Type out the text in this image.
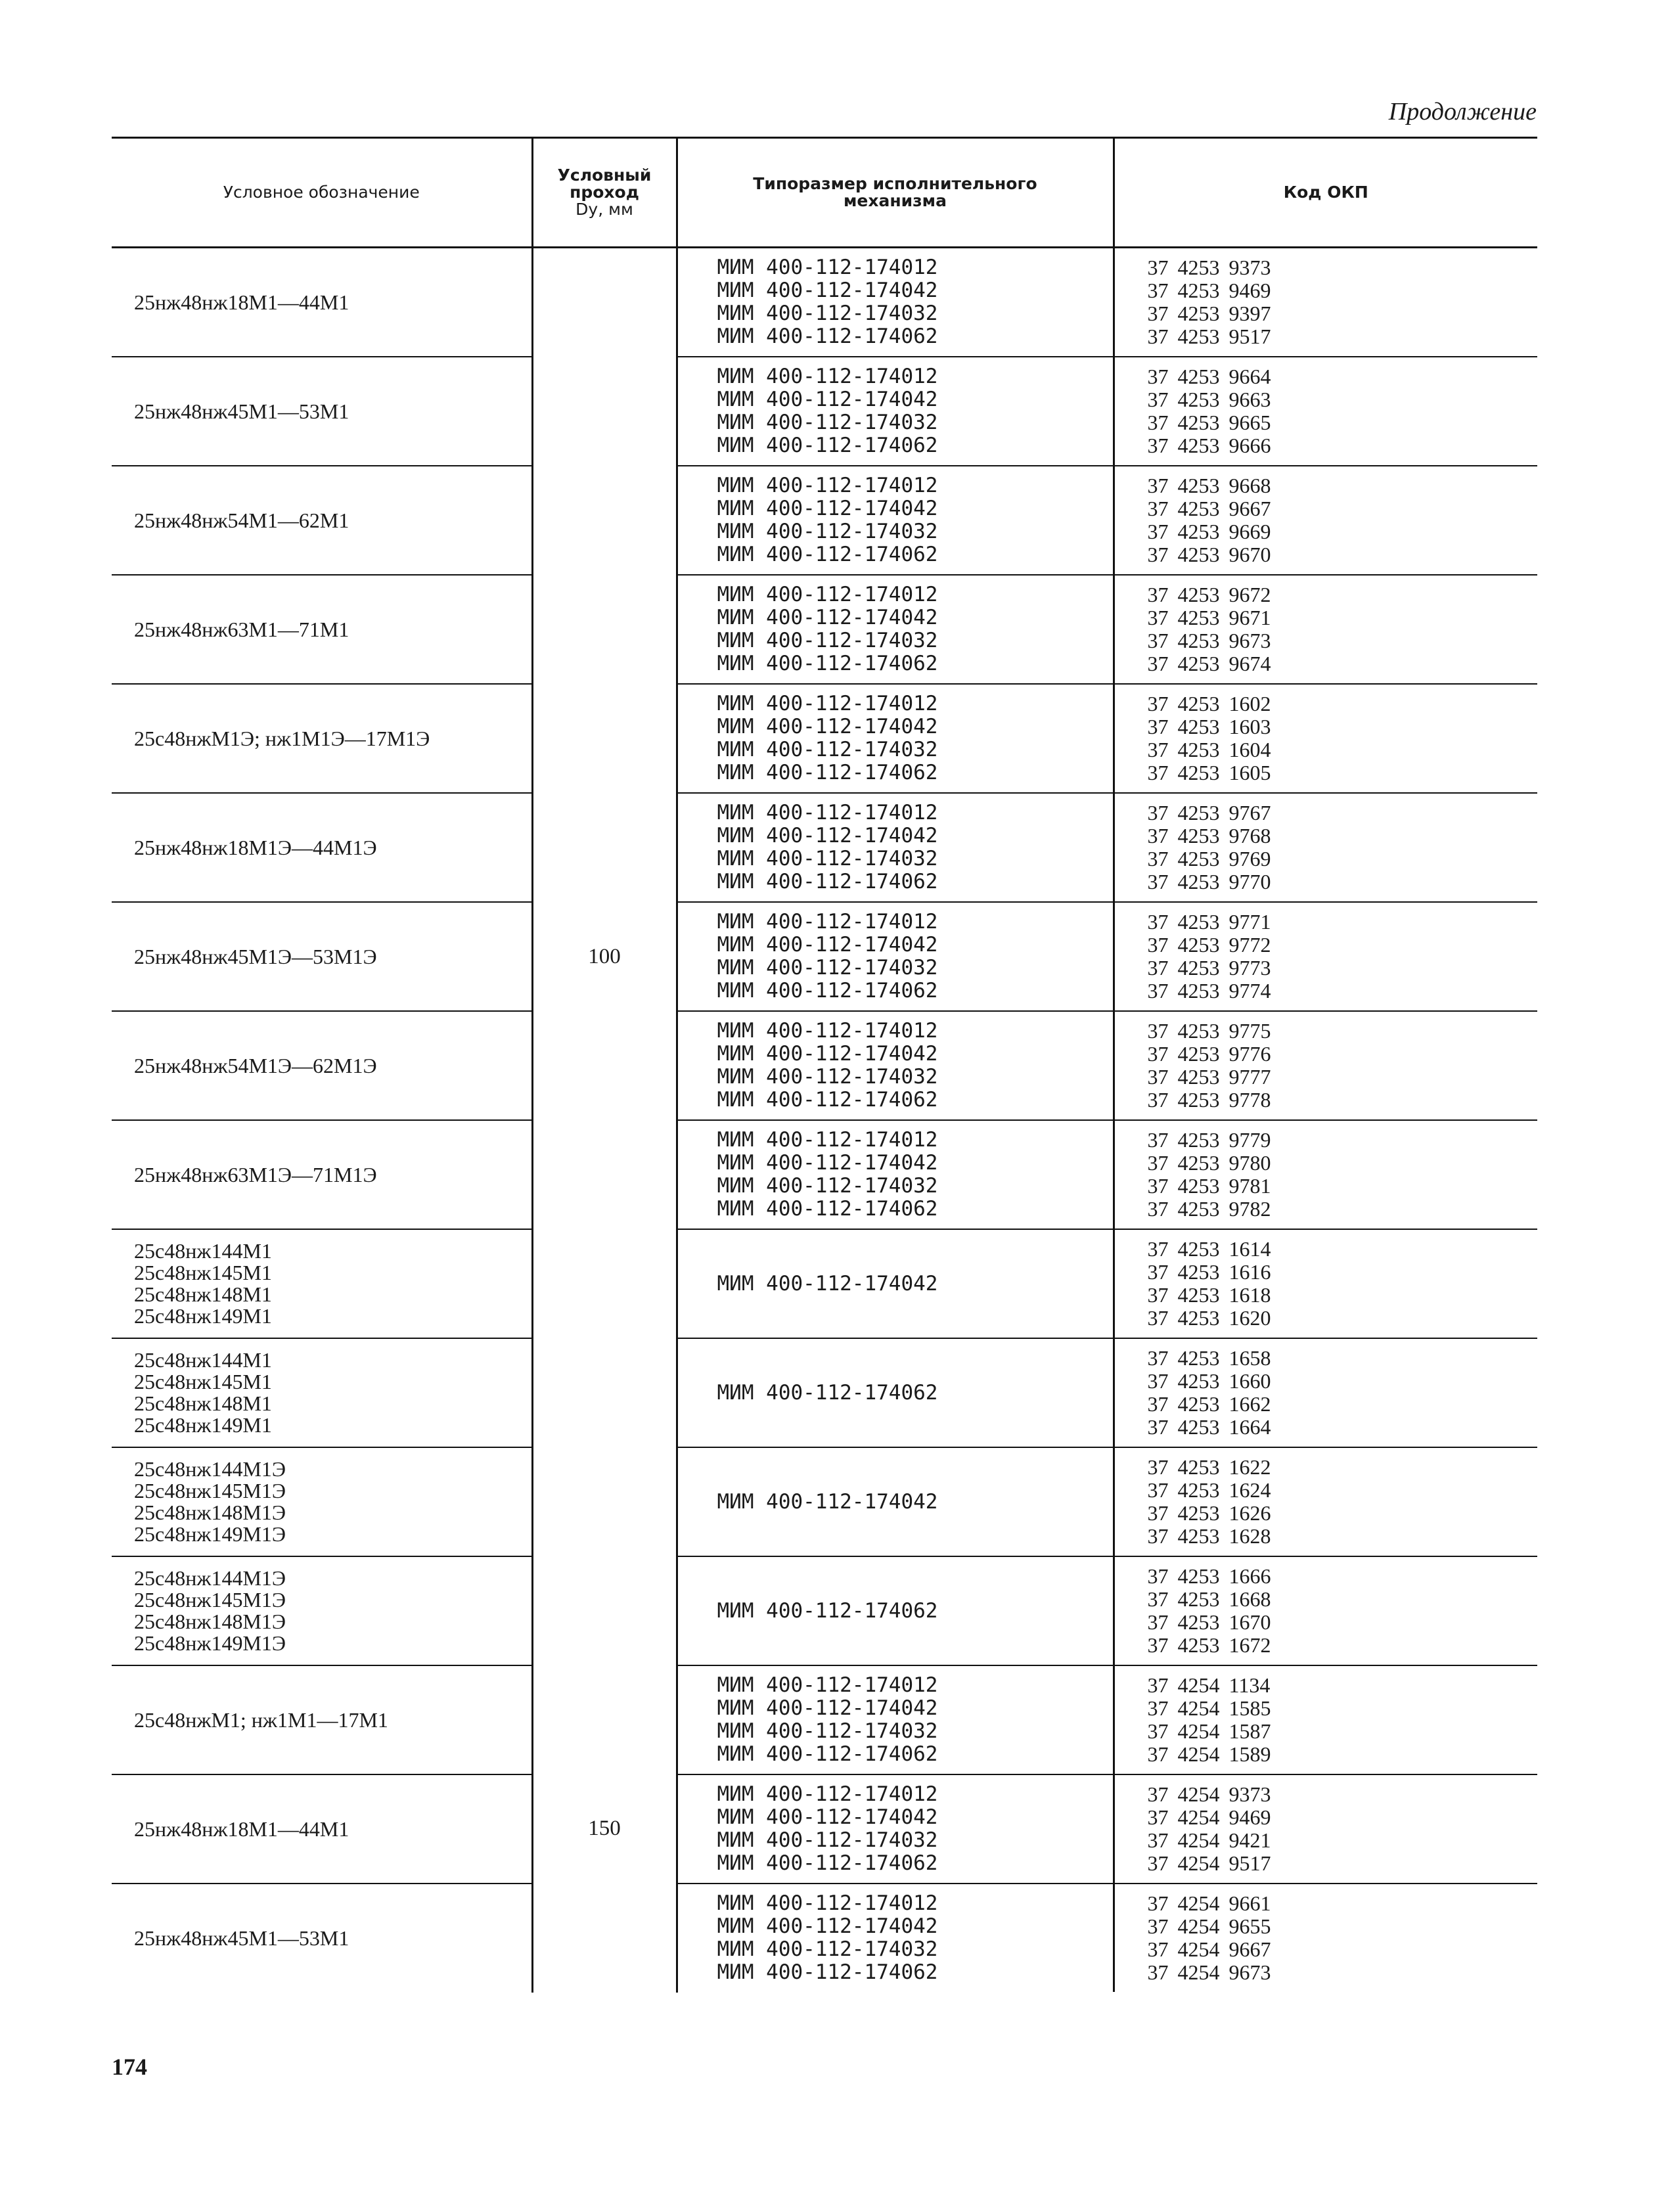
Продолжение
Условное обозначение	Условный
проход
Dу, мм	Типоразмер исполнительного
механизма	Код ОКП

25нж48нж18М1—44М1	100	МИМ 400-112-174012
МИМ 400-112-174042
МИМ 400-112-174032
МИМ 400-112-174062	37 4253 9373
37 4253 9469
37 4253 9397
37 4253 9517

25нж48нж45М1—53М1		МИМ 400-112-174012
МИМ 400-112-174042
МИМ 400-112-174032
МИМ 400-112-174062	37 4253 9664
37 4253 9663
37 4253 9665
37 4253 9666

25нж48нж54М1—62М1		МИМ 400-112-174012
МИМ 400-112-174042
МИМ 400-112-174032
МИМ 400-112-174062	37 4253 9668
37 4253 9667
37 4253 9669
37 4253 9670

25нж48нж63М1—71М1		МИМ 400-112-174012
МИМ 400-112-174042
МИМ 400-112-174032
МИМ 400-112-174062	37 4253 9672
37 4253 9671
37 4253 9673
37 4253 9674

25с48нжМ1Э; нж1М1Э—17М1Э		МИМ 400-112-174012
МИМ 400-112-174042
МИМ 400-112-174032
МИМ 400-112-174062	37 4253 1602
37 4253 1603
37 4253 1604
37 4253 1605

25нж48нж18М1Э—44М1Э		МИМ 400-112-174012
МИМ 400-112-174042
МИМ 400-112-174032
МИМ 400-112-174062	37 4253 9767
37 4253 9768
37 4253 9769
37 4253 9770

25нж48нж45М1Э—53М1Э		МИМ 400-112-174012
МИМ 400-112-174042
МИМ 400-112-174032
МИМ 400-112-174062	37 4253 9771
37 4253 9772
37 4253 9773
37 4253 9774

25нж48нж54М1Э—62М1Э		МИМ 400-112-174012
МИМ 400-112-174042
МИМ 400-112-174032
МИМ 400-112-174062	37 4253 9775
37 4253 9776
37 4253 9777
37 4253 9778

25нж48нж63М1Э—71М1Э		МИМ 400-112-174012
МИМ 400-112-174042
МИМ 400-112-174032
МИМ 400-112-174062	37 4253 9779
37 4253 9780
37 4253 9781
37 4253 9782

25с48нж144М1
25с48нж145М1
25с48нж148М1
25с48нж149М1		МИМ 400-112-174042	37 4253 1614
37 4253 1616
37 4253 1618
37 4253 1620

25с48нж144М1
25с48нж145М1
25с48нж148М1
25с48нж149М1		МИМ 400-112-174062	37 4253 1658
37 4253 1660
37 4253 1662
37 4253 1664

25с48нж144М1Э
25с48нж145М1Э
25с48нж148М1Э
25с48нж149М1Э		МИМ 400-112-174042	37 4253 1622
37 4253 1624
37 4253 1626
37 4253 1628

25с48нж144М1Э
25с48нж145М1Э
25с48нж148М1Э
25с48нж149М1Э		МИМ 400-112-174062	37 4253 1666
37 4253 1668
37 4253 1670
37 4253 1672

25с48нжМ1; нж1М1—17М1	150	МИМ 400-112-174012
МИМ 400-112-174042
МИМ 400-112-174032
МИМ 400-112-174062	37 4254 1134
37 4254 1585
37 4254 1587
37 4254 1589

25нж48нж18М1—44М1		МИМ 400-112-174012
МИМ 400-112-174042
МИМ 400-112-174032
МИМ 400-112-174062	37 4254 9373
37 4254 9469
37 4254 9421
37 4254 9517

25нж48нж45М1—53М1		МИМ 400-112-174012
МИМ 400-112-174042
МИМ 400-112-174032
МИМ 400-112-174062	37 4254 9661
37 4254 9655
37 4254 9667
37 4254 9673
174
